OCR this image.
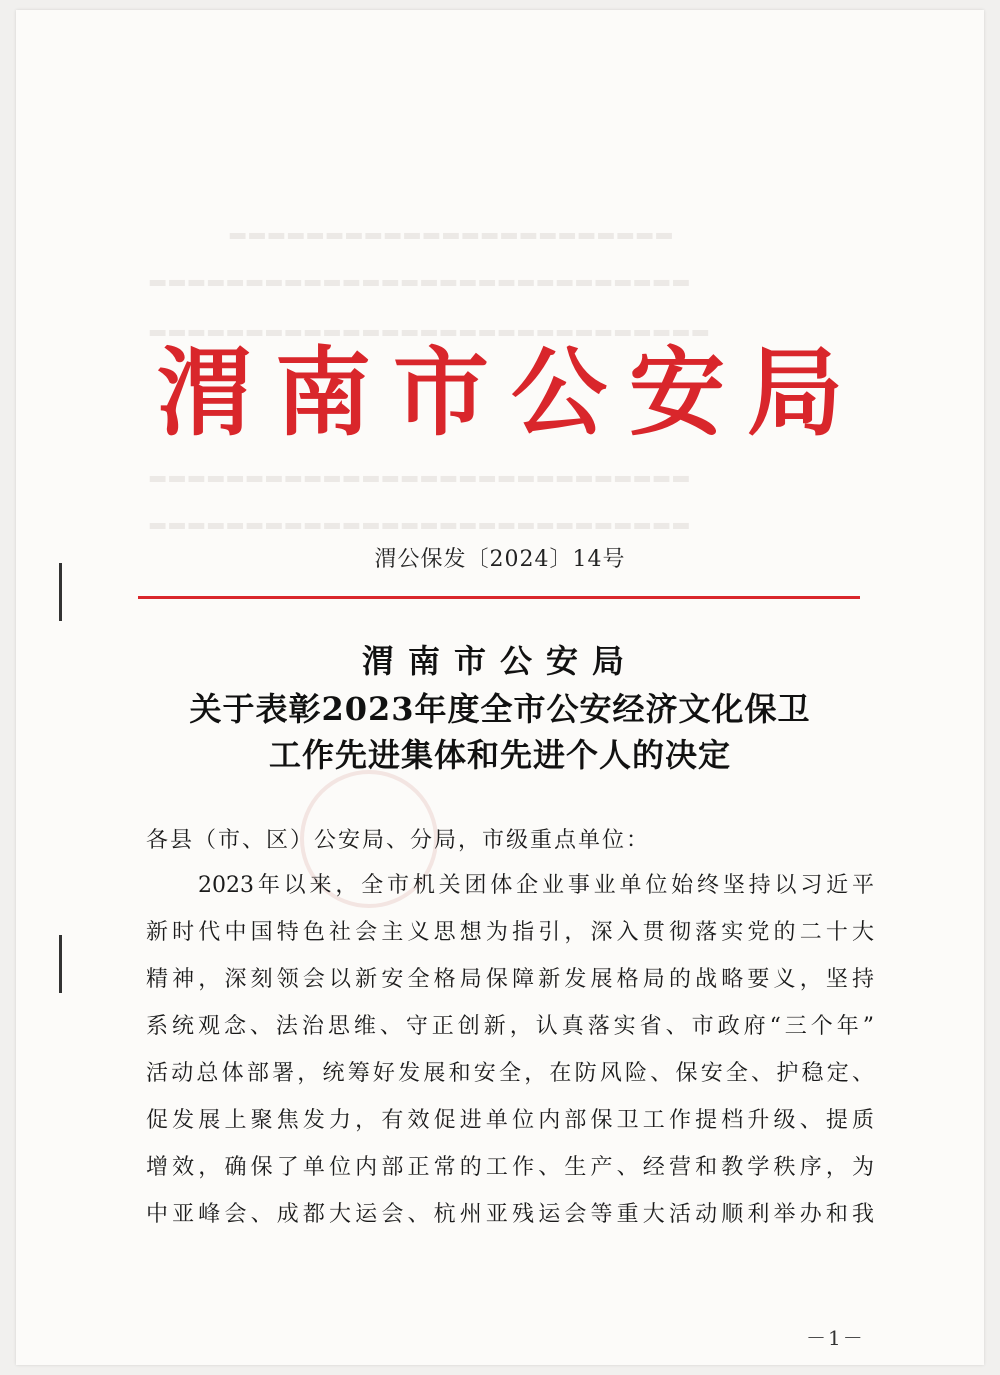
▂▂▂▂▂▂▂▂▂▂▂▂▂▂▂▂▂▂▂▂▂▂▂
▂▂▂▂▂▂▂▂▂▂▂▂▂▂▂▂▂▂▂▂▂▂▂▂▂▂▂▂
▂▂▂▂▂▂▂▂▂▂▂▂▂▂▂▂▂▂▂▂▂▂▂▂▂▂▂▂▂
▂▂▂▂▂▂▂▂▂▂▂▂▂▂▂▂▂▂▂▂▂▂▂▂▂▂▂▂
▂▂▂▂▂▂▂▂▂▂▂▂▂▂▂▂▂▂▂▂▂▂▂▂▂▂▂▂
渭南市公安局
渭公保发〔2024〕14号
渭南市公安局
关于表彰2023年度全市公安经济文化保卫
工作先进集体和先进个人的决定
各县（市、区）公安局、分局，市级重点单位：
2023年以来，全市机关团体企业事业单位始终坚持以习近平
新时代中国特色社会主义思想为指引，深入贯彻落实党的二十大
精神，深刻领会以新安全格局保障新发展格局的战略要义，坚持
系统观念、法治思维、守正创新，认真落实省、市政府“三个年”
活动总体部署，统筹好发展和安全，在防风险、保安全、护稳定、
促发展上聚焦发力，有效促进单位内部保卫工作提档升级、提质
增效，确保了单位内部正常的工作、生产、经营和教学秩序，为
中亚峰会、成都大运会、杭州亚残运会等重大活动顺利举办和我
－1－
